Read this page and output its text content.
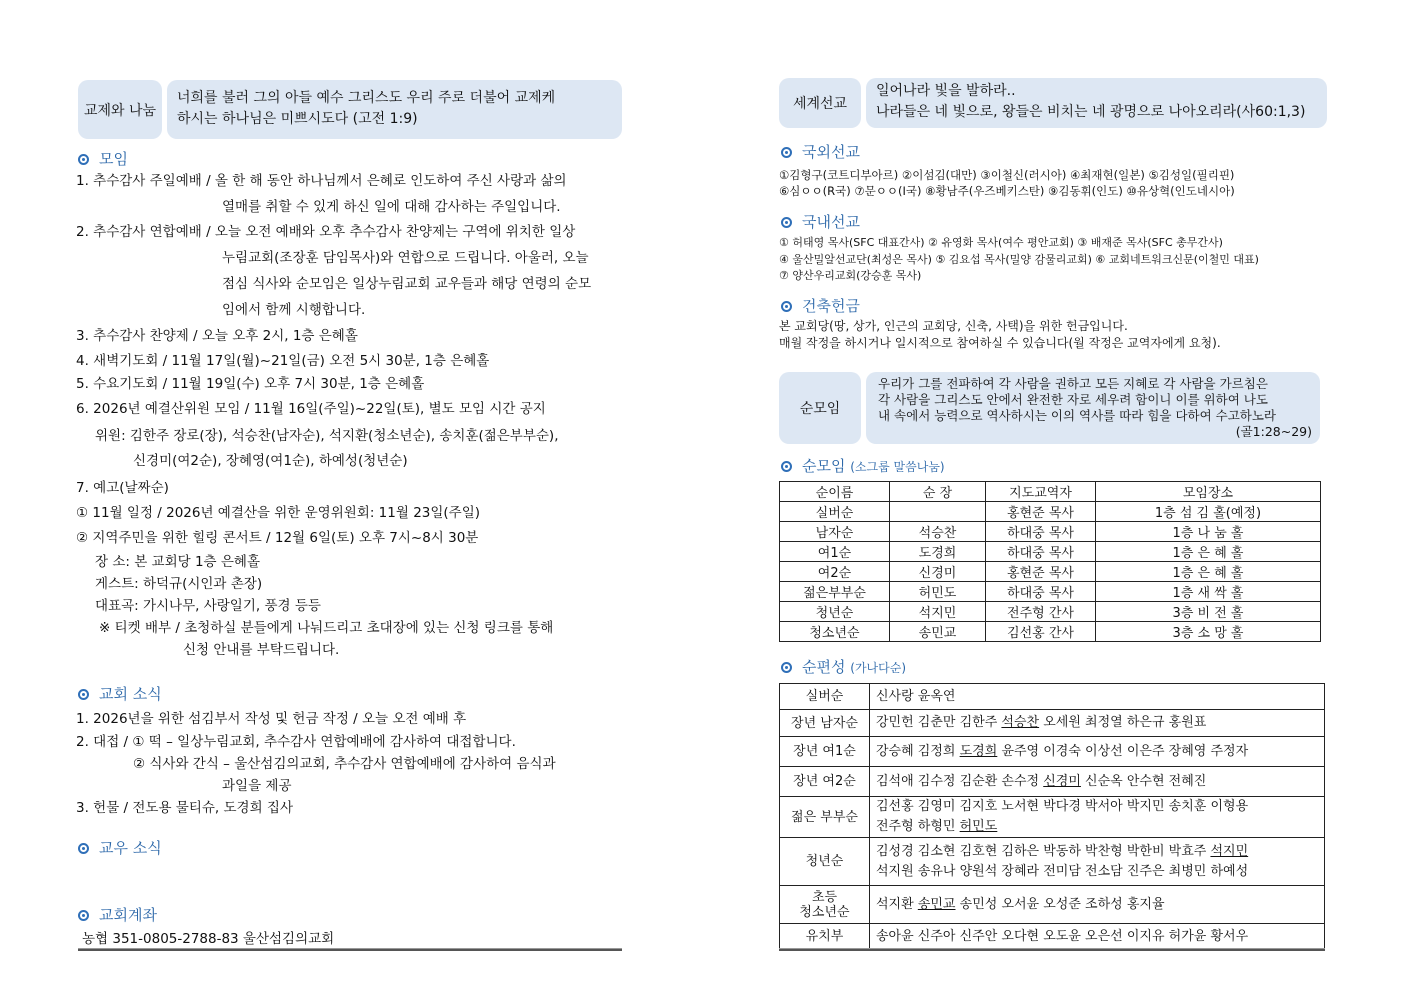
교제와 나눔
너희를 불러 그의 아들 예수 그리스도 우리 주로 더불어 교제케
하시는 하나님은 미쁘시도다 (고전 1:9)
모임
1. 추수감사 주일예배 / 올 한 해 동안 하나님께서 은혜로 인도하여 주신 사랑과 삶의
열매를 취할 수 있게 하신 일에 대해 감사하는 주일입니다.
2. 추수감사 연합예배 / 오늘 오전 예배와 오후 추수감사 찬양제는 구역에 위치한 일상
누림교회(조장훈 담임목사)와 연합으로 드립니다. 아울러, 오늘
점심 식사와 순모임은 일상누림교회 교우들과 해당 연령의 순모
임에서 함께 시행합니다.
3. 추수감사 찬양제 / 오늘 오후 2시, 1층 은혜홀
4. 새벽기도회 / 11월 17일(월)~21일(금) 오전 5시 30분, 1층 은혜홀
5. 수요기도회 / 11월 19일(수) 오후 7시 30분, 1층 은혜홀
6. 2026년 예결산위원 모임 / 11월 16일(주일)~22일(토), 별도 모임 시간 공지
위원: 김한주 장로(장), 석승찬(남자순), 석지환(청소년순), 송치훈(젊은부부순),
신경미(여2순), 장혜영(여1순), 하예성(청년순)
7. 예고(날짜순)
① 11월 일정 / 2026년 예결산을 위한 운영위원회: 11월 23일(주일)
② 지역주민을 위한 힐링 콘서트 / 12월 6일(토) 오후 7시~8시 30분
장 소: 본 교회당 1층 은혜홀
게스트: 하덕규(시인과 촌장)
대표곡: 가시나무, 사랑일기, 풍경 등등
※ 티켓 배부 / 초청하실 분들에게 나눠드리고 초대장에 있는 신청 링크를 통해
신청 안내를 부탁드립니다.
교회 소식
1. 2026년을 위한 섬김부서 작성 및 헌금 작정 / 오늘 오전 예배 후
2. 대접 / ① 떡 – 일상누림교회, 추수감사 연합예배에 감사하여 대접합니다.
② 식사와 간식 – 울산섬김의교회, 추수감사 연합예배에 감사하여 음식과
과일을 제공
3. 헌물 / 전도용 물티슈, 도경희 집사
교우 소식
교회계좌
농협 351-0805-2788-83 울산섬김의교회
세계선교
일어나라 빛을 발하라..
나라들은 네 빛으로, 왕들은 비치는 네 광명으로 나아오리라(사60:1,3)
국외선교
①김형구(코트디부아르) ②이섬김(대만) ③이철신(러시아) ④최재현(일본) ⑤김성일(필리핀)
⑥심ㅇㅇ(R국) ⑦문ㅇㅇ(I국) ⑧황남주(우즈베키스탄) ⑨김동휘(인도) ⑩유상혁(인도네시아)
국내선교
① 허태영 목사(SFC 대표간사) ② 유영화 목사(여수 평안교회) ③ 배재준 목사(SFC 총무간사)
④ 울산밀알선교단(최성은 목사) ⑤ 김요섭 목사(밀양 감물리교회) ⑥ 교회네트워크신문(이철민 대표)
⑦ 양산우리교회(강승훈 목사)
건축헌금
본 교회당(땅, 상가, 인근의 교회당, 신축, 사택)을 위한 헌금입니다.
매월 작정을 하시거나 일시적으로 참여하실 수 있습니다(월 작정은 교역자에게 요청).
순모임
우리가 그를 전파하여 각 사람을 권하고 모든 지혜로 각 사람을 가르침은
각 사람을 그리스도 안에서 완전한 자로 세우려 함이니 이를 위하여 나도
내 속에서 능력으로 역사하시는 이의 역사를 따라 힘을 다하여 수고하노라
(골1:28~29)
순모임 (소그룹 말씀나눔)
순이름	순 장	지도교역자	모임장소
실버순		홍현준 목사	1층 섬 김 홀(예정)
남자순	석승찬	하대중 목사	1층 나 눔 홀
여1순	도경희	하대중 목사	1층 은 혜 홀
여2순	신경미	홍현준 목사	1층 은 혜 홀
젊은부부순	허민도	하대중 목사	1층 새 싹 홀
청년순	석지민	전주형 간사	3층 비 전 홀
청소년순	송민교	김선홍 간사	3층 소 망 홀
순편성 (가나다순)
실버순	신사랑 윤옥연

장년 남자순	강민헌 김춘만 김한주 석승찬 오세원 최정열 하은규 홍원표

장년 여1순	강승혜 김정희 도경희 윤주영 이경숙 이상선 이은주 장혜영 주정자

장년 여2순	김석애 김수정 김순환 손수정 신경미 신순옥 안수현 전혜진

젊은 부부순	김선홍 김영미 김지호 노서현 박다경 박서아 박지민 송치훈 이형용
전주형 하형민 허민도

청년순	김성경 김소현 김호현 김하은 박동하 박찬형 박한비 박효주 석지민
석지원 송유나 양원석 장혜라 전미담 전소담 진주은 최병민 하예성

초등
청소년순	석지환 송민교 송민성 오서윤 오성준 조하성 홍지율

유치부	송아윤 신주아 신주안 오다현 오도윤 오은선 이지유 허가윤 황서우
